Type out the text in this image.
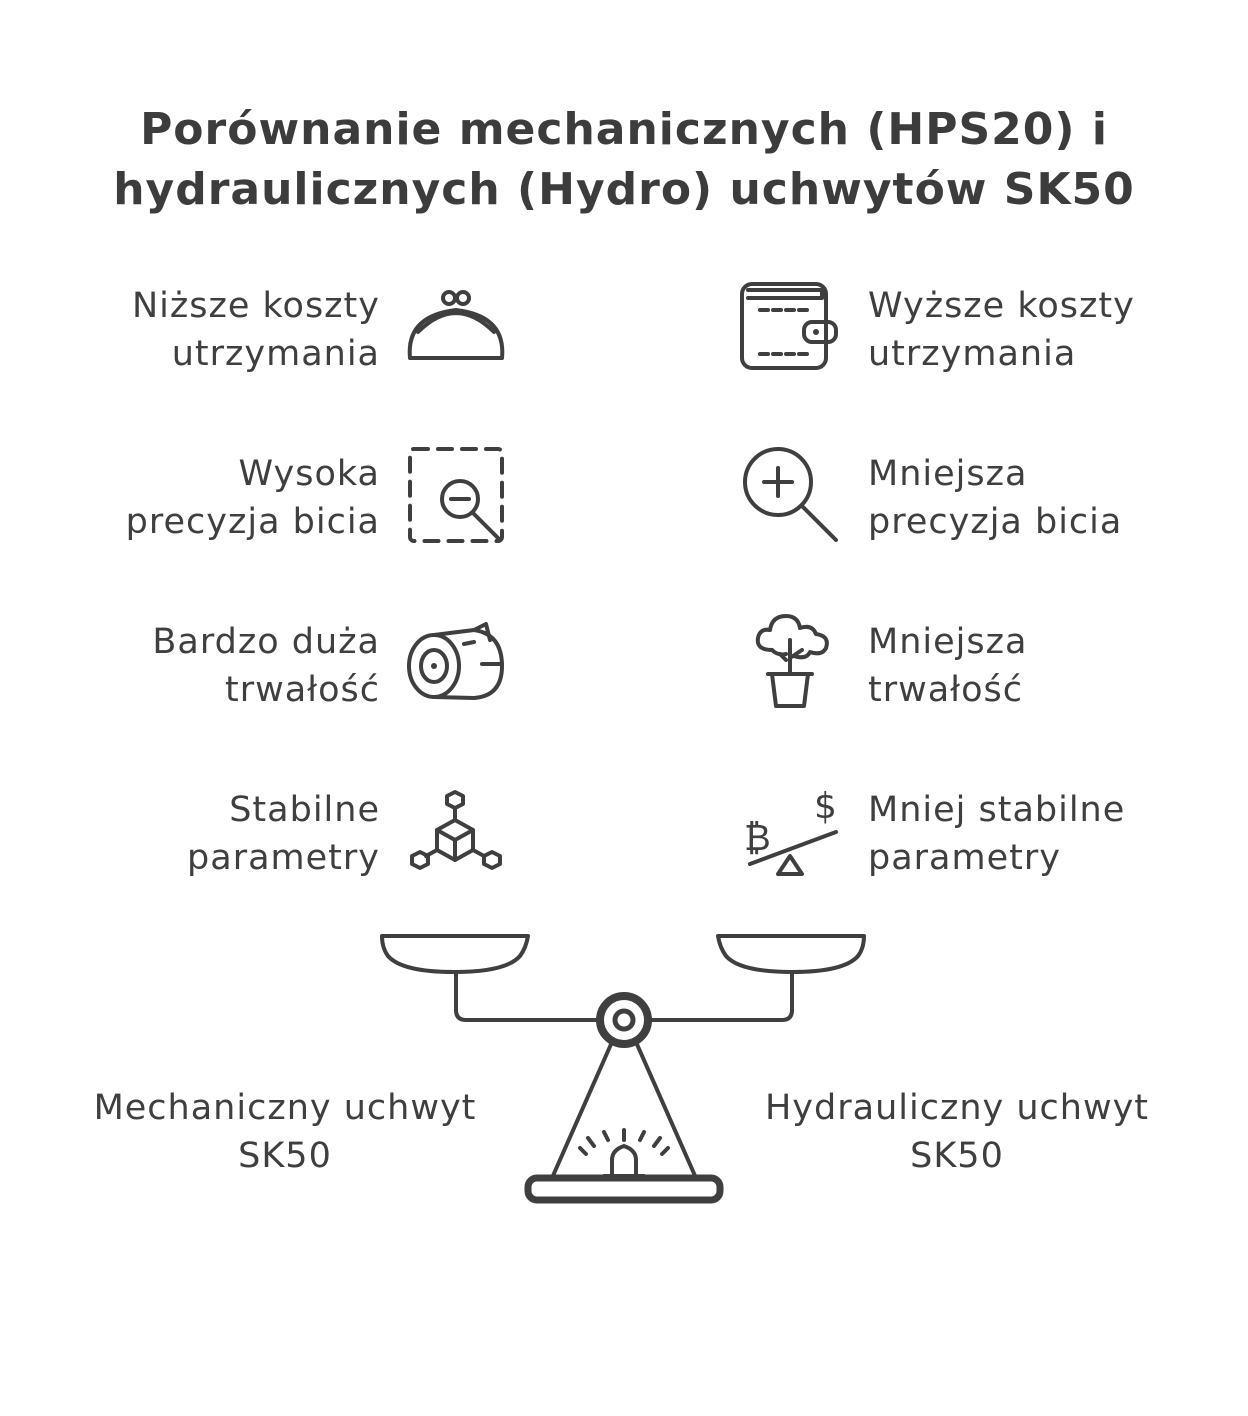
Porównanie mechanicznych (HPS20) i
hydraulicznych (Hydro) uchwytów SK50
Niższe koszty
utrzymania
Wysoka
precyzja bicia
Bardzo duża
trwałość
Stabilne
parametry
Wyższe koszty
utrzymania
Mniejsza
precyzja bicia
Mniejsza
trwałość
Mniej stabilne
parametry
$
₿
Mechaniczny uchwyt
SK50
Hydrauliczny uchwyt
SK50
